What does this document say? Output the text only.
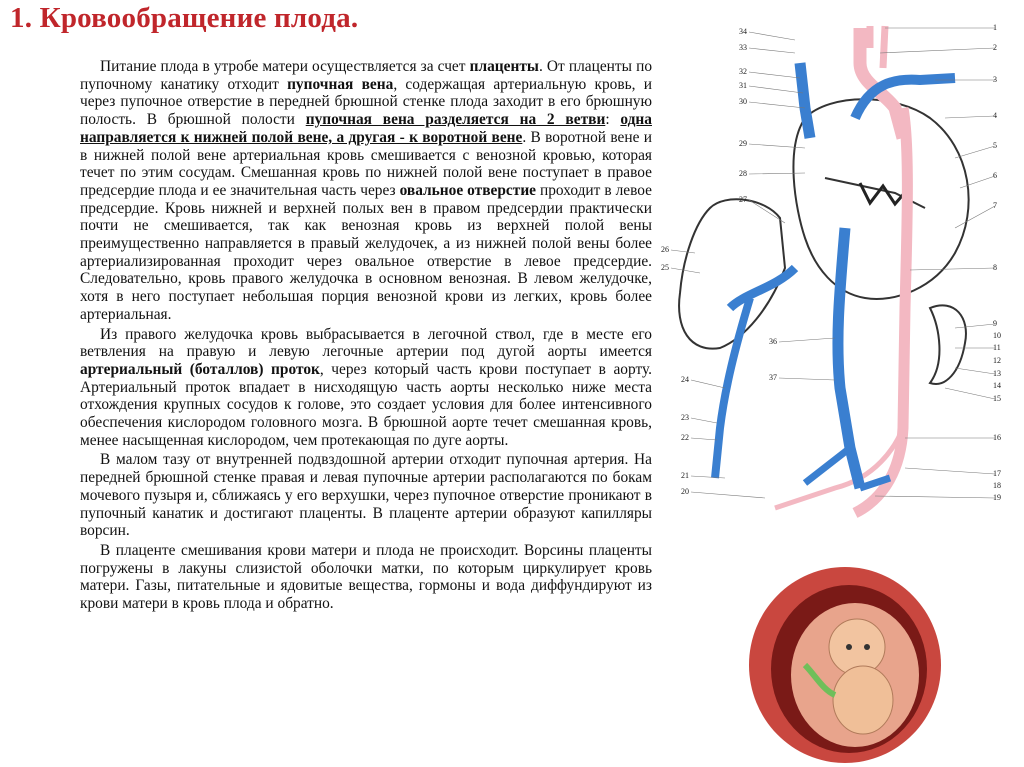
1. Кровообращение плода.

Питание плода в утробе матери осуществляется за счет плаценты. От плаценты по пупочному канатику отходит пупочная вена, содержащая артериальную кровь, и через пупочное отверстие в передней брюшной стенке плода заходит в его брюшную полость. В брюшной полости пупочная вена разделяется на 2 ветви: одна направляется к нижней полой вене, а другая - к воротной вене. В воротной вене и в нижней полой вене артериальная кровь смешивается с венозной кровью, которая течет по этим сосудам. Смешанная кровь по нижней полой вене поступает в правое предсердие плода и ее значительная часть через овальное отверстие проходит в левое предсердие. Кровь нижней и верхней полых вен в правом предсердии практически почти не смешивается, так как венозная кровь из верхней полой вены преимущественно направляется в правый желудочек, а из нижней полой вены более артериализированная проходит через овальное отверстие в левое предсердие. Следовательно, кровь правого желудочка в основном венозная. В левом желудочке, хотя в него поступает небольшая порция венозной крови из легких, кровь более артериальная.

Из правого желудочка кровь выбрасывается в легочной ствол, где в месте его ветвления на правую и левую легочные артерии под дугой аорты имеется артериальный (боталлов) проток, через который часть крови поступает в аорту. Артериальный проток впадает в нисходящую часть аорты несколько ниже места отхождения крупных сосудов к голове, это создает условия для более интенсивного обеспечения кислородом головного мозга. В брюшной аорте течет смешанная кровь, менее насыщенная кислородом, чем протекающая по дуге аорты.

В малом тазу от внутренней подвздошной артерии отходит пупочная артерия. На передней брюшной стенке правая и левая пупочные артерии располагаются по бокам мочевого пузыря и, сближаясь у его верхушки, через пупочное отверстие проникают в пупочный канатик и достигают плаценты. В плаценте артерии образуют капилляры ворсин.

В плаценте смешивания крови матери и плода не происходит. Ворсины плаценты погружены в лакуны слизистой оболочки матки, по которым циркулирует кровь матери. Газы, питательные и ядовитые вещества, гормоны и вода диффундируют из крови матери в кровь плода и обратно.

1
2
3
4
5
6
7
8
9
10
11
12
13
14
15
16
17
18
19
34
33
32
31
30
29
28
27
26
25
36
37
24
23
22
21
20
